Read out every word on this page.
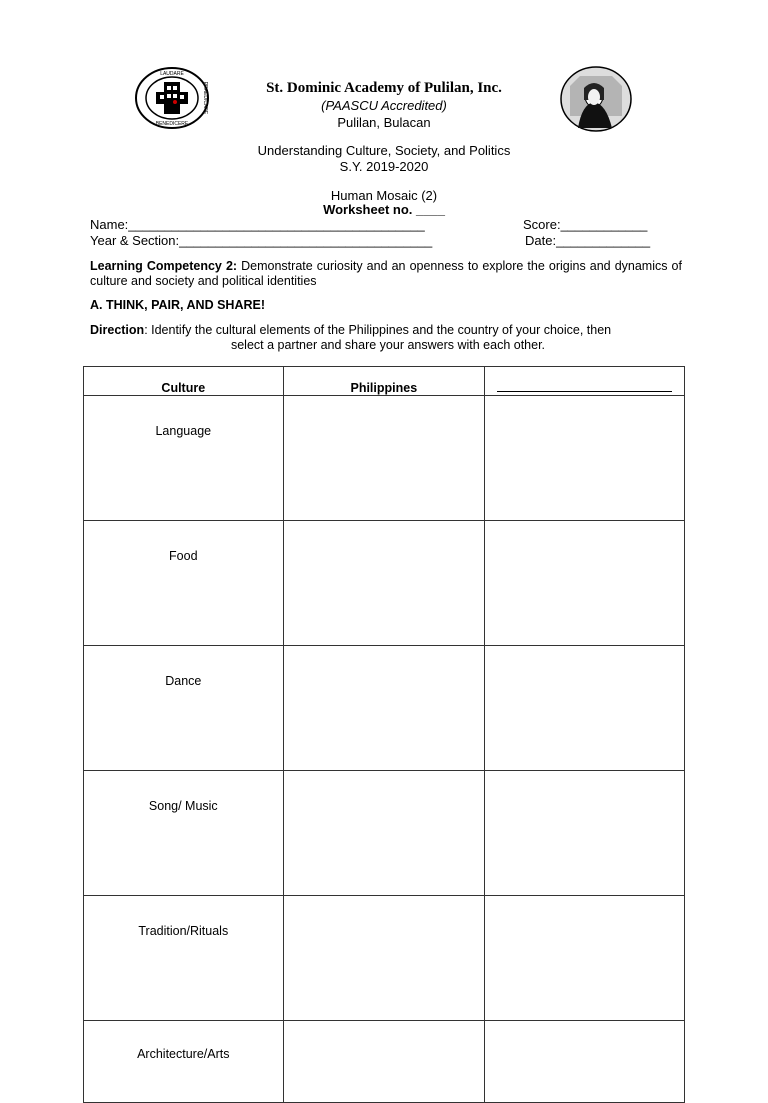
LAUDARE
BENEDICERE
PRAEDICARE	St. Dominic Academy of Pulilan, Inc.
(PAASCU Accredited)
Pulilan, Bulacan
Understanding Culture, Society, and Politics
S.Y. 2019-2020
Human Mosaic (2)
Worksheet no. ____
Name:_________________________________________	Score:____________
Year & Section:___________________________________	Date:_____________
Learning Competency 2: Demonstrate curiosity and an openness to explore the origins and dynamics of culture and society and political identities
A. THINK, PAIR, AND SHARE!
Direction: Identify the cultural elements of the Philippines and the country of your choice, then
select a partner and share your answers with each other.
Culture	Philippines	
Language		
Food		
Dance		
Song/ Music		
Tradition/Rituals		
Architecture/Arts		
